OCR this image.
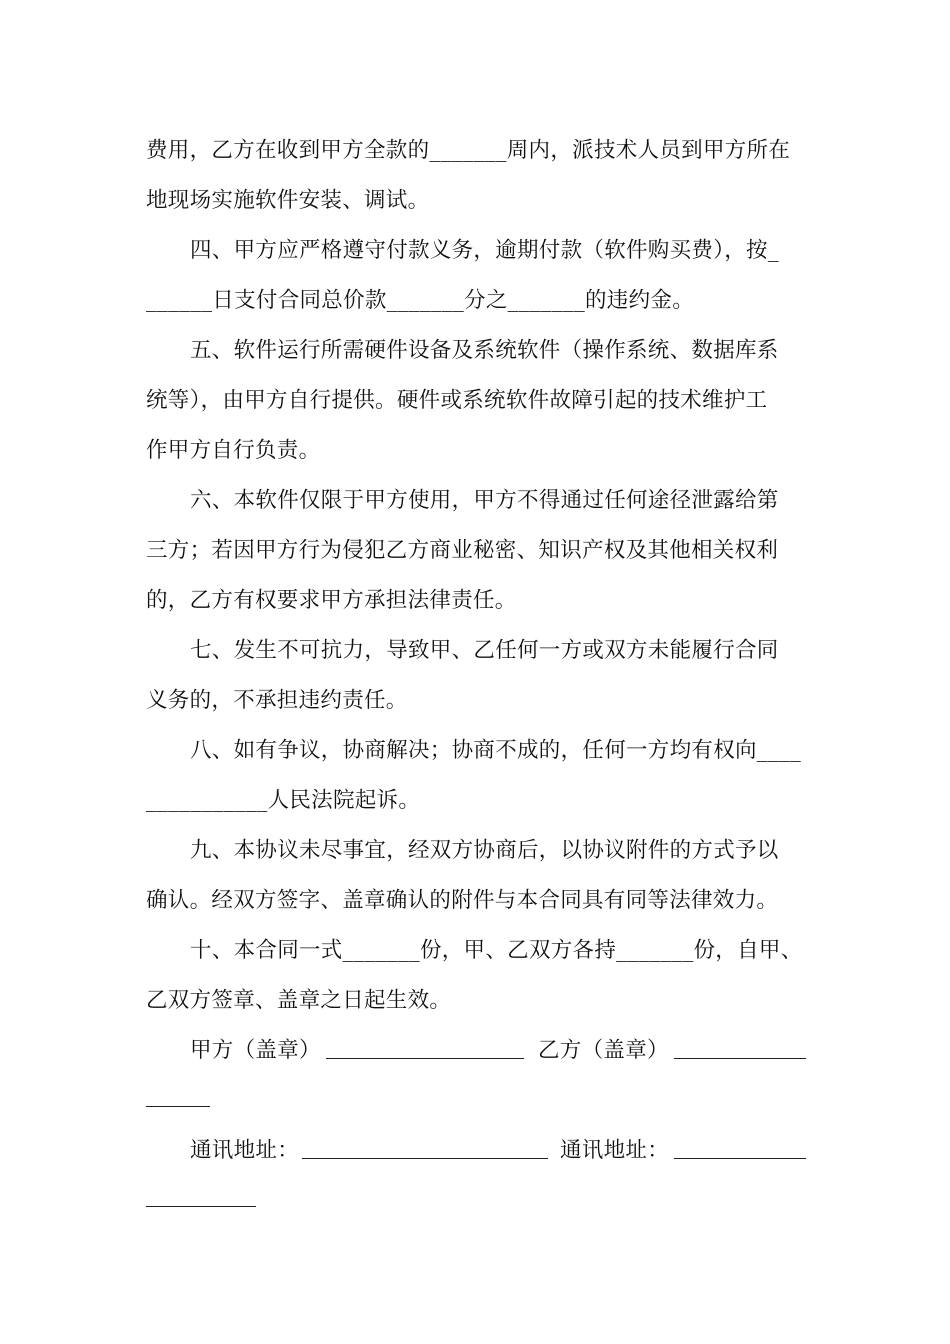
费用，乙方在收到甲方全款的_______周内，派技术人员到甲方所在
地现场实施软件安装、调试。
四、甲方应严格遵守付款义务，逾期付款（软件购买费），按_
______日支付合同总价款_______分之_______的违约金。
五、软件运行所需硬件设备及系统软件（操作系统、数据库系
统等），由甲方自行提供。硬件或系统软件故障引起的技术维护工
作甲方自行负责。
六、本软件仅限于甲方使用，甲方不得通过任何途径泄露给第
三方；若因甲方行为侵犯乙方商业秘密、知识产权及其他相关权利
的，乙方有权要求甲方承担法律责任。
七、发生不可抗力，导致甲、乙任何一方或双方未能履行合同
义务的，不承担违约责任。
八、如有争议，协商解决；协商不成的，任何一方均有权向____
___________人民法院起诉。
九、本协议未尽事宜，经双方协商后，以协议附件的方式予以
确认。经双方签字、盖章确认的附件与本合同具有同等法律效力。
十、本合同一式_______份，甲、乙双方各持_______份，自甲、
乙双方签章、盖章之日起生效。
甲方（盖章）	乙方（盖章）
通讯地址：	通讯地址：
